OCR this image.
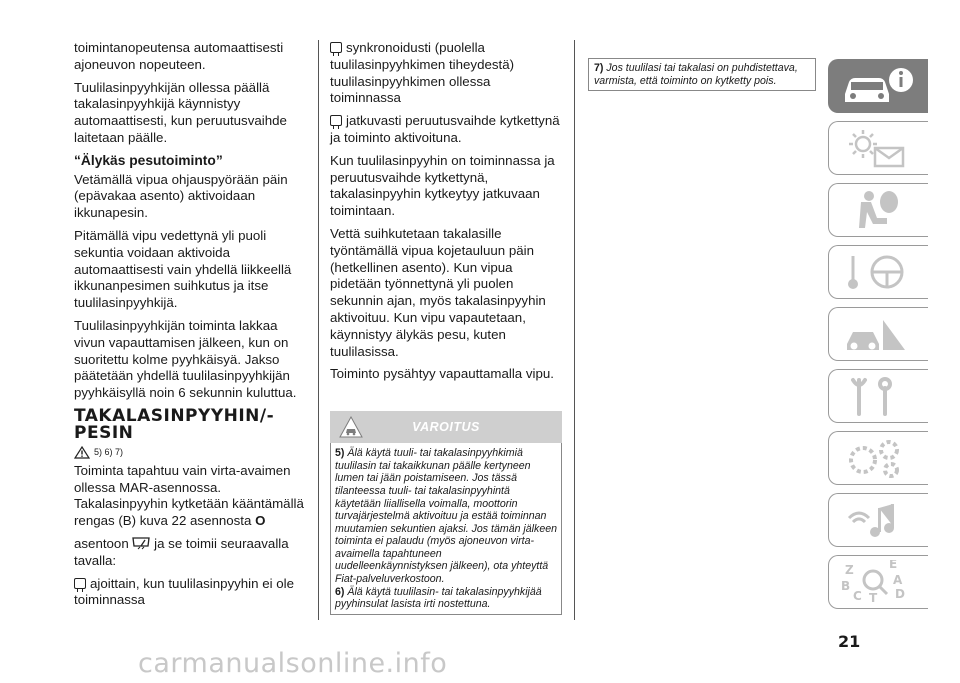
toimintanopeutensa automaattisesti ajoneuvon nopeuteen.

Tuulilasinpyyhkijän ollessa päällä takalasinpyyhkijä käynnistyy automaattisesti, kun peruutusvaihde laitetaan päälle.

“Älykäs pesutoiminto”

Vetämällä vipua ohjauspyörään päin (epävakaa asento) aktivoidaan ikkunapesin.

Pitämällä vipu vedettynä yli puoli sekuntia voidaan aktivoida automaattisesti vain yhdellä liikkeellä ikkunanpesimen suihkutus ja itse tuulilasinpyyhkijä.

Tuulilasinpyyhkijän toiminta lakkaa vivun vapauttamisen jälkeen, kun on suoritettu kolme pyyhkäisyä. Jakso päätetään yhdellä tuulilasinpyyhkijän pyyhkäisyllä noin 6 sekunnin kuluttua.

TAKALASINPYYHIN/-PESIN
5) 6) 7)

Toiminta tapahtuu vain virta-avaimen ollessa MAR-asennossa. Takalasinpyyhin kytketään kääntämällä rengas (B) kuva 22 asennosta O

asentoon ja se toimii seuraavalla tavalla:

ajoittain, kun tuulilasinpyyhin ei ole toiminnassa

synkronoidusti (puolella tuulilasinpyyhkimen tiheydestä) tuulilasinpyyhkimen ollessa toiminnassa

jatkuvasti peruutusvaihde kytkettynä ja toiminto aktivoituna.

Kun tuulilasinpyyhin on toiminnassa ja peruutusvaihde kytkettynä, takalasinpyyhin kytkeytyy jatkuvaan toimintaan.

Vettä suihkutetaan takalasille työntämällä vipua kojetauluun päin (hetkellinen asento). Kun vipua pidetään työnnettynä yli puolen sekunnin ajan, myös takalasinpyyhin aktivoituu. Kun vipu vapautetaan, käynnistyy älykäs pesu, kuten tuulilasissa.

Toiminto pysähtyy vapauttamalla vipu.

VAROITUS

5) Älä käytä tuuli- tai takalasinpyyhkimiä tuulilasin tai takaikkunan päälle kertyneen lumen tai jään poistamiseen. Jos tässä tilanteessa tuuli- tai takalasinpyyhintä käytetään liiallisella voimalla, moottorin turvajärjestelmä aktivoituu ja estää toiminnan muutamien sekuntien ajaksi. Jos tämän jälkeen toiminta ei palaudu (myös ajoneuvon virta-avaimella tapahtuneen uudelleenkäynnistyksen jälkeen), ota yhteyttä Fiat-palveluverkostoon.

6) Älä käytä tuulilasin- tai takalasinpyyhkijää pyyhinsulat lasista irti nostettuna.

7) Jos tuulilasi tai takalasi on puhdistettava, varmista, että toiminto on kytketty pois.

Z
B
C T
E
A
D
21
carmanualsonline.info
